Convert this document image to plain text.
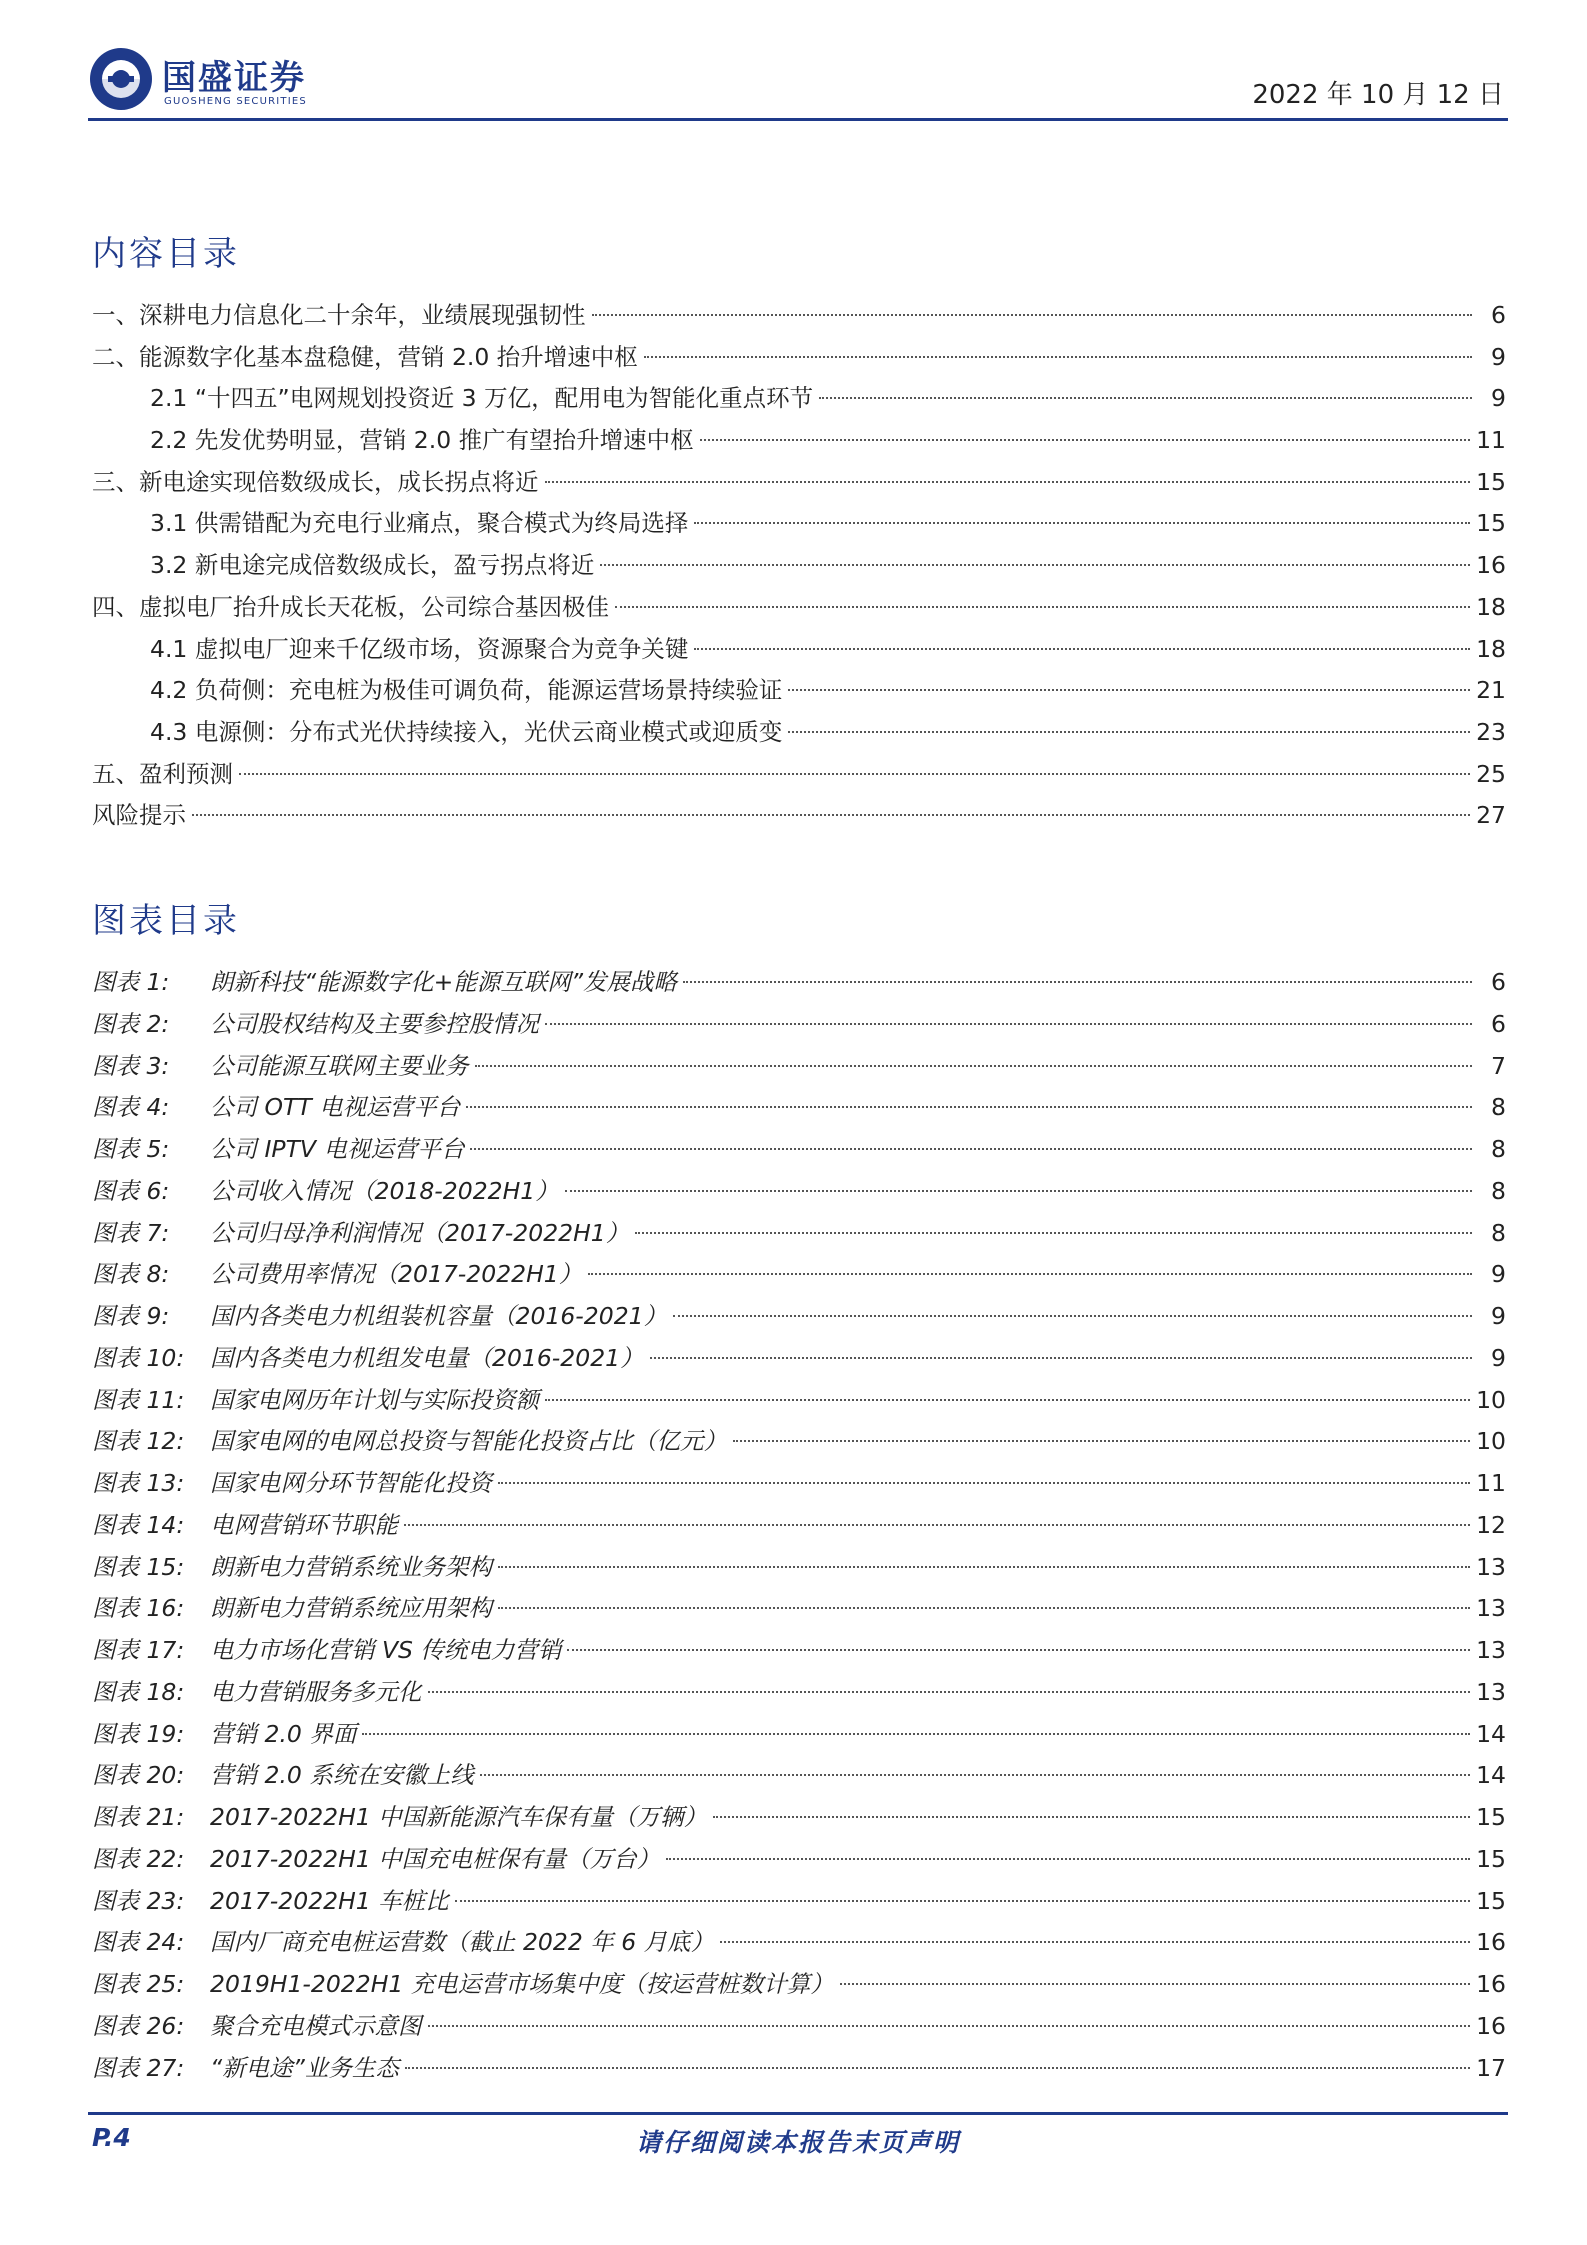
国盛证券
GUOSHENG SECURITIES	2022 年 10 月 12 日
内容目录
一、深耕电力信息化二十余年，业绩展现强韧性	6
二、能源数字化基本盘稳健，营销 2.0 抬升增速中枢	9
2.1 “十四五”电网规划投资近 3 万亿，配用电为智能化重点环节	9
2.2 先发优势明显，营销 2.0 推广有望抬升增速中枢	11
三、新电途实现倍数级成长，成长拐点将近	15
3.1 供需错配为充电行业痛点，聚合模式为终局选择	15
3.2 新电途完成倍数级成长，盈亏拐点将近	16
四、虚拟电厂抬升成长天花板，公司综合基因极佳	18
4.1 虚拟电厂迎来千亿级市场，资源聚合为竞争关键	18
4.2 负荷侧：充电桩为极佳可调负荷，能源运营场景持续验证	21
4.3 电源侧：分布式光伏持续接入，光伏云商业模式或迎质变	23
五、盈利预测	25
风险提示	27
图表目录
图表 1:	朗新科技“能源数字化+能源互联网”发展战略	6
图表 2:	公司股权结构及主要参控股情况	6
图表 3:	公司能源互联网主要业务	7
图表 4:	公司 OTT 电视运营平台	8
图表 5:	公司 IPTV 电视运营平台	8
图表 6:	公司收入情况（2018-2022H1）	8
图表 7:	公司归母净利润情况（2017-2022H1）	8
图表 8:	公司费用率情况（2017-2022H1）	9
图表 9:	国内各类电力机组装机容量（2016-2021）	9
图表 10:	国内各类电力机组发电量（2016-2021）	9
图表 11:	国家电网历年计划与实际投资额	10
图表 12:	国家电网的电网总投资与智能化投资占比（亿元）	10
图表 13:	国家电网分环节智能化投资	11
图表 14:	电网营销环节职能	12
图表 15:	朗新电力营销系统业务架构	13
图表 16:	朗新电力营销系统应用架构	13
图表 17:	电力市场化营销 VS 传统电力营销	13
图表 18:	电力营销服务多元化	13
图表 19:	营销 2.0 界面	14
图表 20:	营销 2.0 系统在安徽上线	14
图表 21:	2017-2022H1 中国新能源汽车保有量（万辆）	15
图表 22:	2017-2022H1 中国充电桩保有量（万台）	15
图表 23:	2017-2022H1 车桩比	15
图表 24:	国内厂商充电桩运营数（截止 2022 年 6 月底）	16
图表 25:	2019H1-2022H1 充电运营市场集中度（按运营桩数计算）	16
图表 26:	聚合充电模式示意图	16
图表 27:	“新电途”业务生态	17
P.4	请仔细阅读本报告末页声明
